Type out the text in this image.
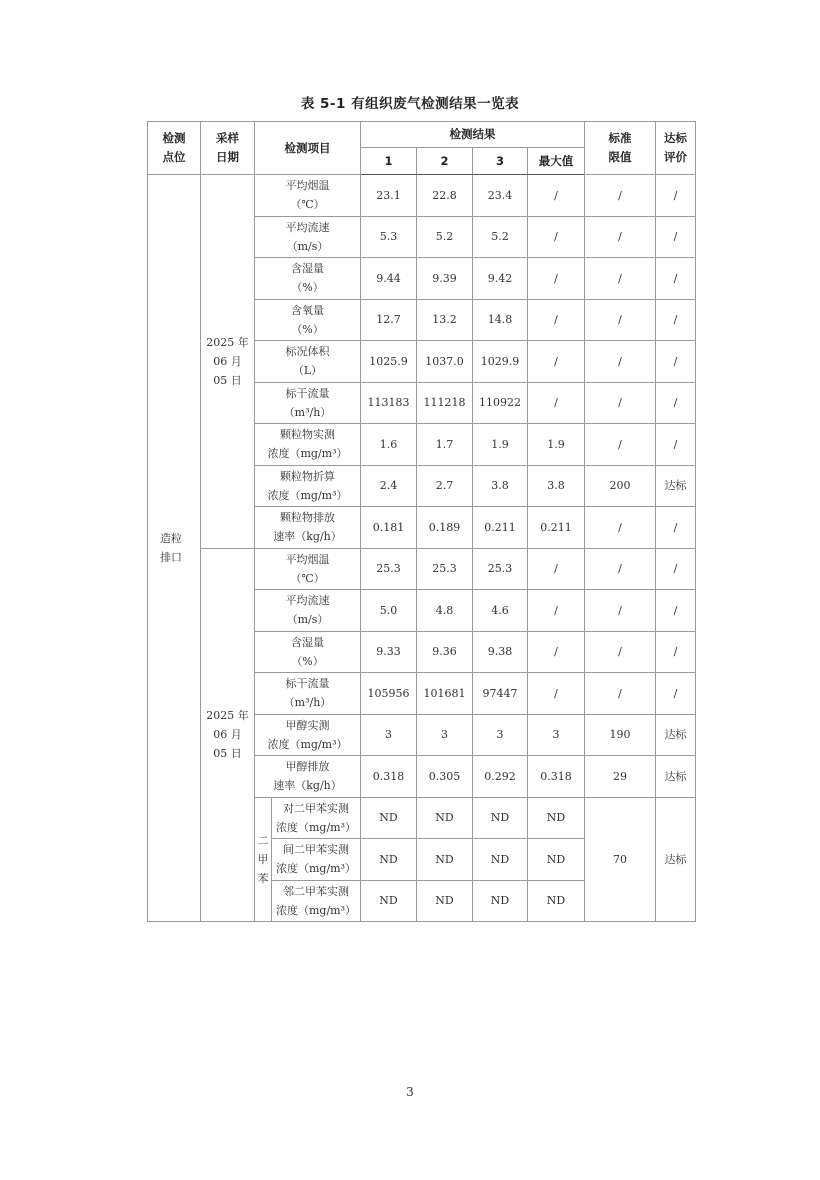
表 5-1 有组织废气检测结果一览表
检测
点位	采样
日期	检测项目		检测结果				标准
限值	达标
评价
				1	2	3	最大值		
造粒
排口	2025 年
06 月
05 日	平均烟温
（℃）		23.1	22.8	23.4	/	/	/
		平均流速
（m/s）		5.3	5.2	5.2	/	/	/
		含湿量
（%）		9.44	9.39	9.42	/	/	/
		含氧量
（%）		12.7	13.2	14.8	/	/	/
		标况体积
（L）		1025.9	1037.0	1029.9	/	/	/
		标干流量
（m³/h）		113183	111218	110922	/	/	/
		颗粒物实测
浓度（mg/m³）		1.6	1.7	1.9	1.9	/	/
		颗粒物折算
浓度（mg/m³）		2.4	2.7	3.8	3.8	200	达标
		颗粒物排放
速率（kg/h）		0.181	0.189	0.211	0.211	/	/
	2025 年
06 月
05 日	平均烟温
（℃）		25.3	25.3	25.3	/	/	/
		平均流速
（m/s）		5.0	4.8	4.6	/	/	/
		含湿量
（%）		9.33	9.36	9.38	/	/	/
		标干流量
（m³/h）		105956	101681	97447	/	/	/
		甲醇实测
浓度（mg/m³）		3	3	3	3	190	达标
		甲醇排放
速率（kg/h）		0.318	0.305	0.292	0.318	29	达标
		二
甲
苯	对二甲苯实测
浓度（mg/m³）	ND	ND	ND	ND	70	达标
			间二甲苯实测
浓度（mg/m³）	ND	ND	ND	ND		
			邻二甲苯实测
浓度（mg/m³）	ND	ND	ND	ND		
3
